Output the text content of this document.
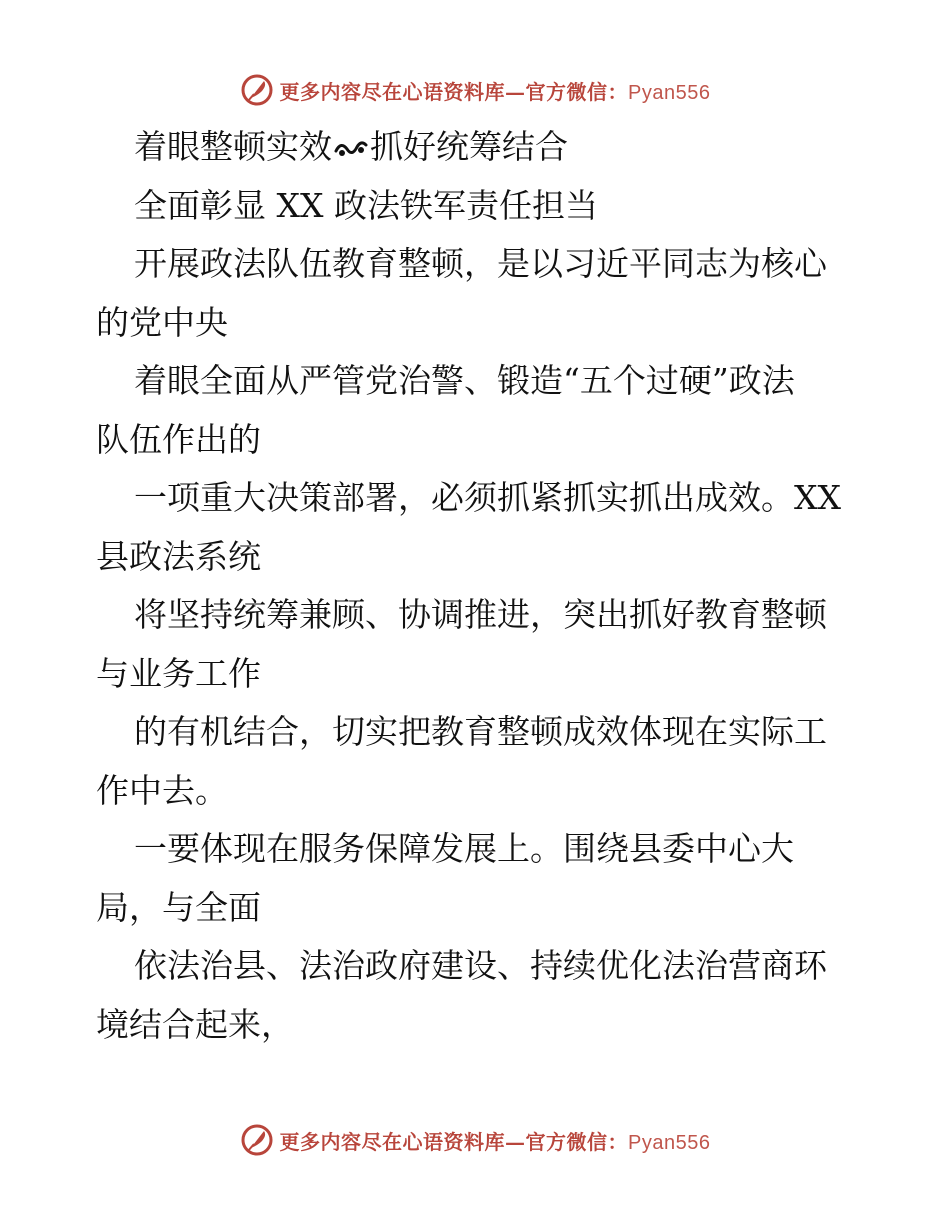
更多内容尽在心语资料库—官方微信：Pyan556
着眼整顿实效 抓好统筹结合
全面彰显 XX 政法铁军责任担当
开展政法队伍教育整顿，是以习近平同志为核心
的党中央
着眼全面从严管党治警、锻造“五个过硬”政法
队伍作出的
一项重大决策部署，必须抓紧抓实抓出成效。XX
县政法系统
将坚持统筹兼顾、协调推进，突出抓好教育整顿
与业务工作
的有机结合，切实把教育整顿成效体现在实际工
作中去。
一要体现在服务保障发展上。围绕县委中心大
局，与全面
依法治县、法治政府建设、持续优化法治营商环
境结合起来，
更多内容尽在心语资料库—官方微信：Pyan556
